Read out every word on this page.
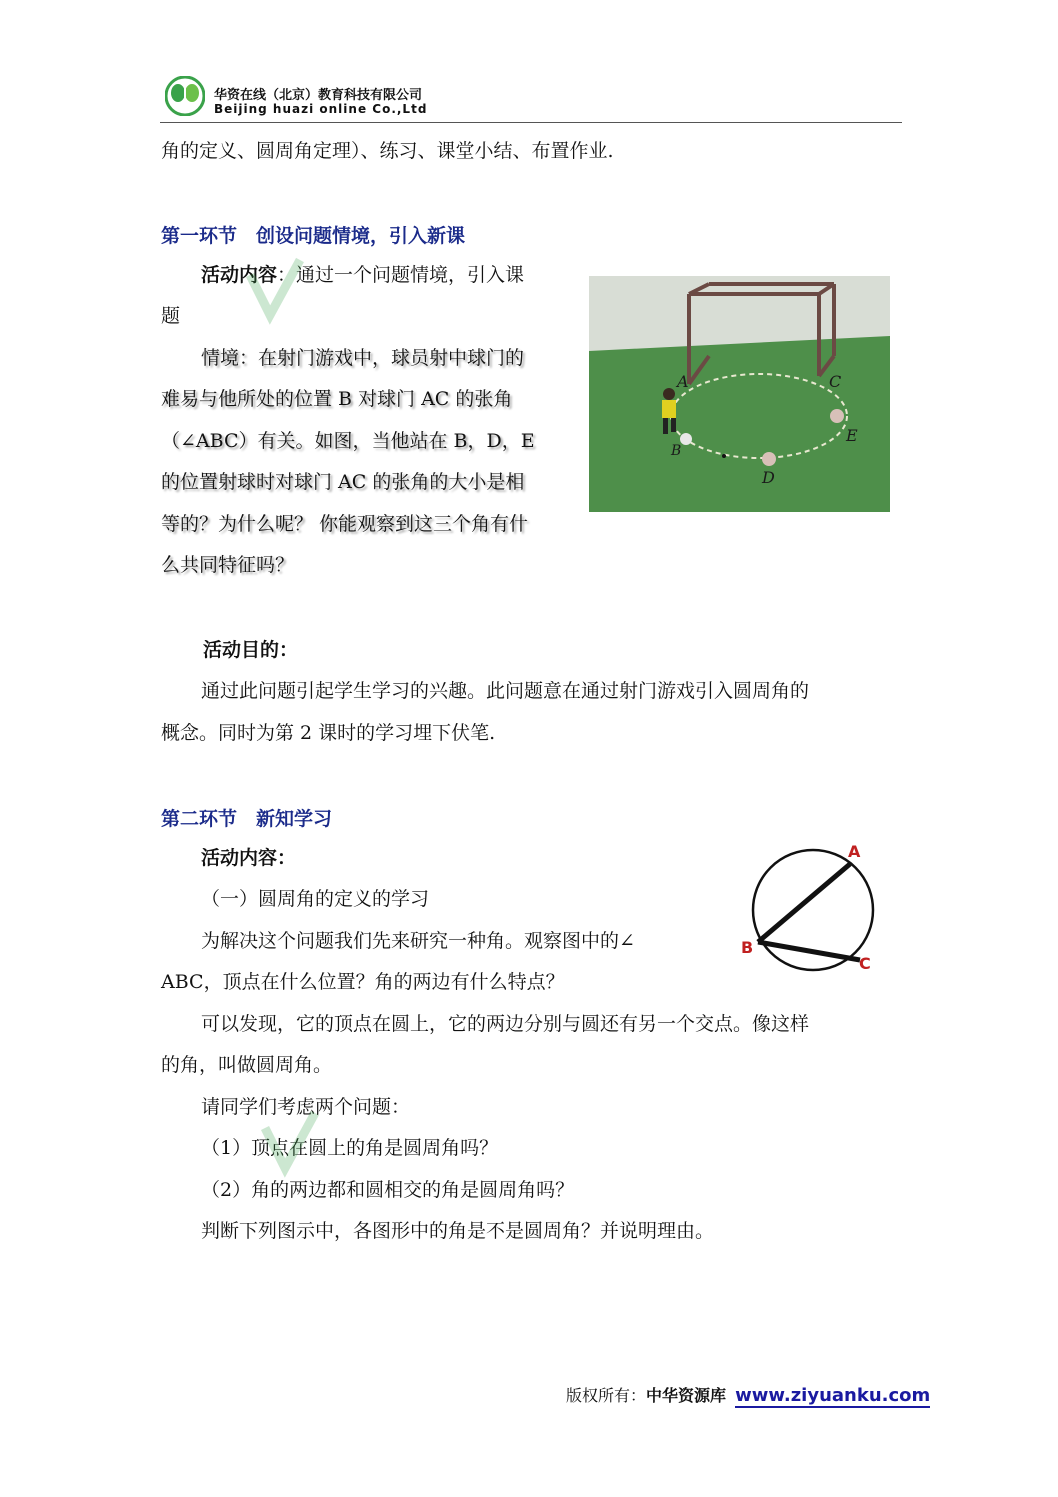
华资在线（北京）教育科技有限公司
Beijing huazi online Co.,Ltd
角的定义、圆周角定理）、练习、课堂小结、布置作业.
第一环节　创设问题情境，引入新课
活动内容：通过一个问题情境，引入课
题
情境：在射门游戏中，球员射中球门的
难易与他所处的位置 B 对球门 AC 的张角
（∠ABC）有关。如图，当他站在 B，D，E
的位置射球时对球门 AC 的张角的大小是相
等的？为什么呢？ 你能观察到这三个角有什
么共同特征吗？
A	C
E
D
B
活动目的：
通过此问题引起学生学习的兴趣。此问题意在通过射门游戏引入圆周角的
概念。同时为第 2 课时的学习埋下伏笔.
第二环节　新知学习
活动内容：
（一）圆周角的定义的学习
为解决这个问题我们先来研究一种角。观察图中的∠
ABC，顶点在什么位置？角的两边有什么特点？
可以发现，它的顶点在圆上，它的两边分别与圆还有另一个交点。像这样
的角，叫做圆周角。
请同学们考虑两个问题：
（1）顶点在圆上的角是圆周角吗？
（2）角的两边都和圆相交的角是圆周角吗？
判断下列图示中，各图形中的角是不是圆周角？并说明理由。
A
B
C
版权所有：中华资源库 www.ziyuanku.com
